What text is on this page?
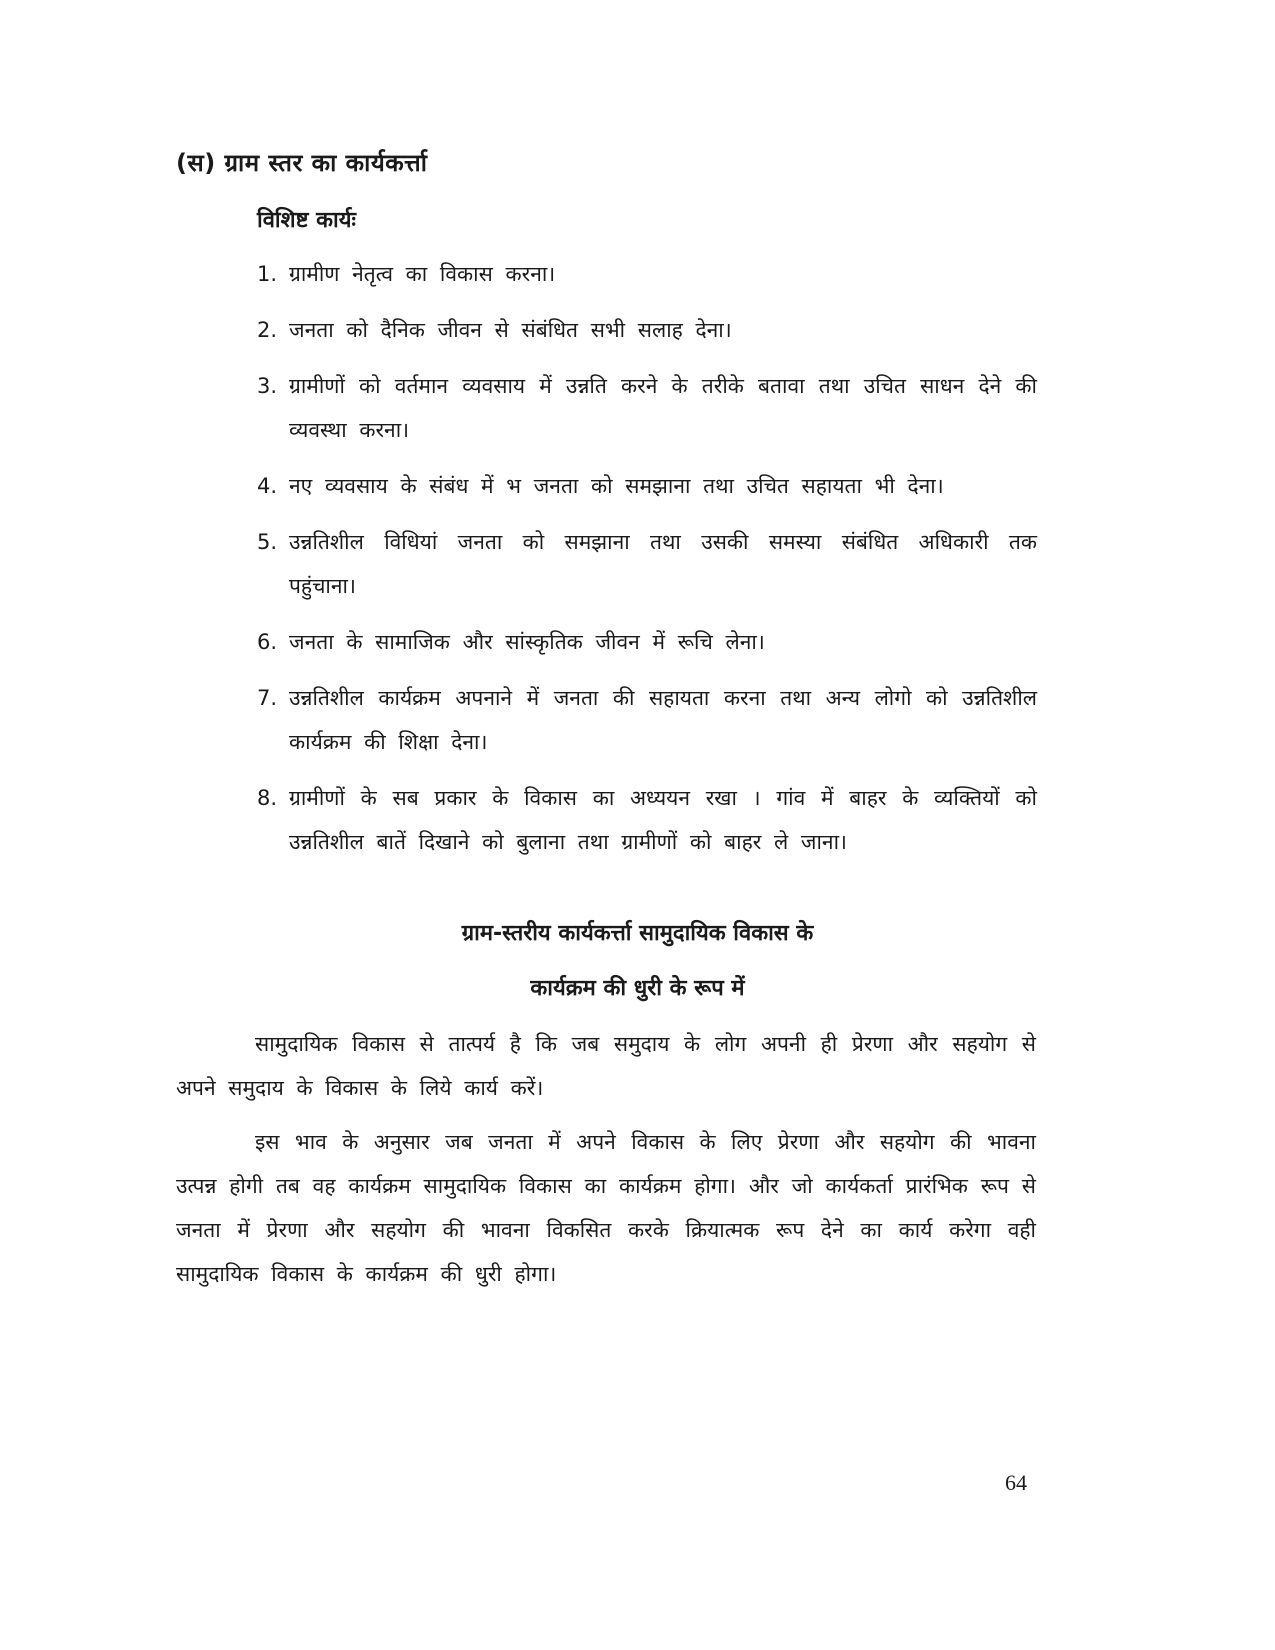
(स) ग्राम स्तर का कार्यकर्त्ता
विशिष्ट कार्यः
1. ग्रामीण नेतृत्व का विकास करना।
2. जनता को दैनिक जीवन से संबंधित सभी सलाह देना।
3. ग्रामीणों को वर्तमान व्यवसाय में उन्नति करने के तरीके बतावा तथा उचित साधन देने की व्यवस्था करना।
4. नए व्यवसाय के संबंध में भ जनता को समझाना तथा उचित सहायता भी देना।
5. उन्नतिशील विधियां जनता को समझाना तथा उसकी समस्या संबंधित अधिकारी तक पहुंचाना।
6. जनता के सामाजिक और सांस्कृतिक जीवन में रूचि लेना।
7. उन्नतिशील कार्यक्रम अपनाने में जनता की सहायता करना तथा अन्य लोगो को उन्नतिशील कार्यक्रम की शिक्षा देना।
8. ग्रामीणों के सब प्रकार के विकास का अध्ययन रखा । गांव में बाहर के व्यक्तियों को उन्नतिशील बातें दिखाने को बुलाना तथा ग्रामीणों को बाहर ले जाना।
ग्राम-स्तरीय कार्यकर्त्ता सामुदायिक विकास के
कार्यक्रम की धुरी के रूप में

सामुदायिक विकास से तात्पर्य है कि जब समुदाय के लोग अपनी ही प्रेरणा और सहयोग से अपने समुदाय के विकास के लिये कार्य करें।

इस भाव के अनुसार जब जनता में अपने विकास के लिए प्रेरणा और सहयोग की भावना उत्पन्न होगी तब वह कार्यक्रम सामुदायिक विकास का कार्यक्रम होगा। और जो कार्यकर्ता प्रारंभिक रूप से जनता में प्रेरणा और सहयोग की भावना विकसित करके क्रियात्मक रूप देने का कार्य करेगा वही सामुदायिक विकास के कार्यक्रम की धुरी होगा।

64
